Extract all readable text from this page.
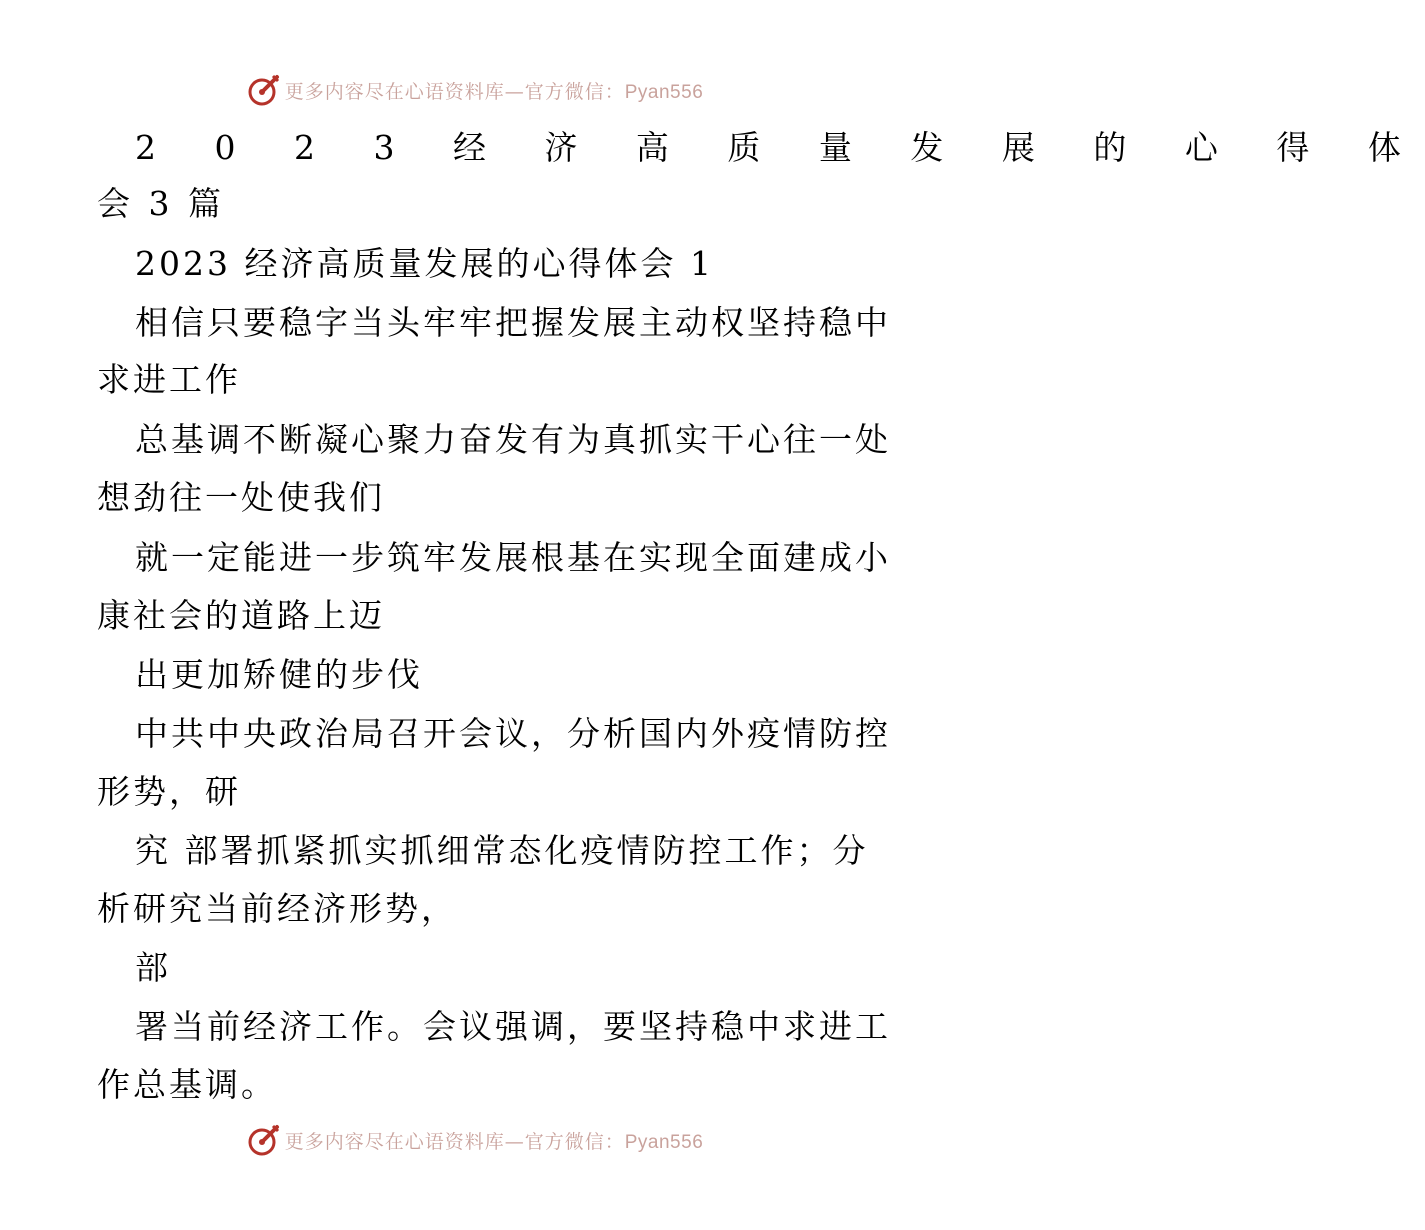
更多内容尽在心语资料库—官方微信：Pyan556
2 0 2 3 经 济 高 质 量 发 展 的 心 得 体
会 3 篇
2023 经济高质量发展的心得体会 1
相信只要稳字当头牢牢把握发展主动权坚持稳中
求进工作
总基调不断凝心聚力奋发有为真抓实干心往一处
想劲往一处使我们
就一定能进一步筑牢发展根基在实现全面建成小
康社会的道路上迈
出更加矫健的步伐
中共中央政治局召开会议，分析国内外疫情防控
形势，研
究 部署抓紧抓实抓细常态化疫情防控工作；分
析研究当前经济形势，
部
署当前经济工作。会议强调，要坚持稳中求进工
作总基调。
更多内容尽在心语资料库—官方微信：Pyan556
